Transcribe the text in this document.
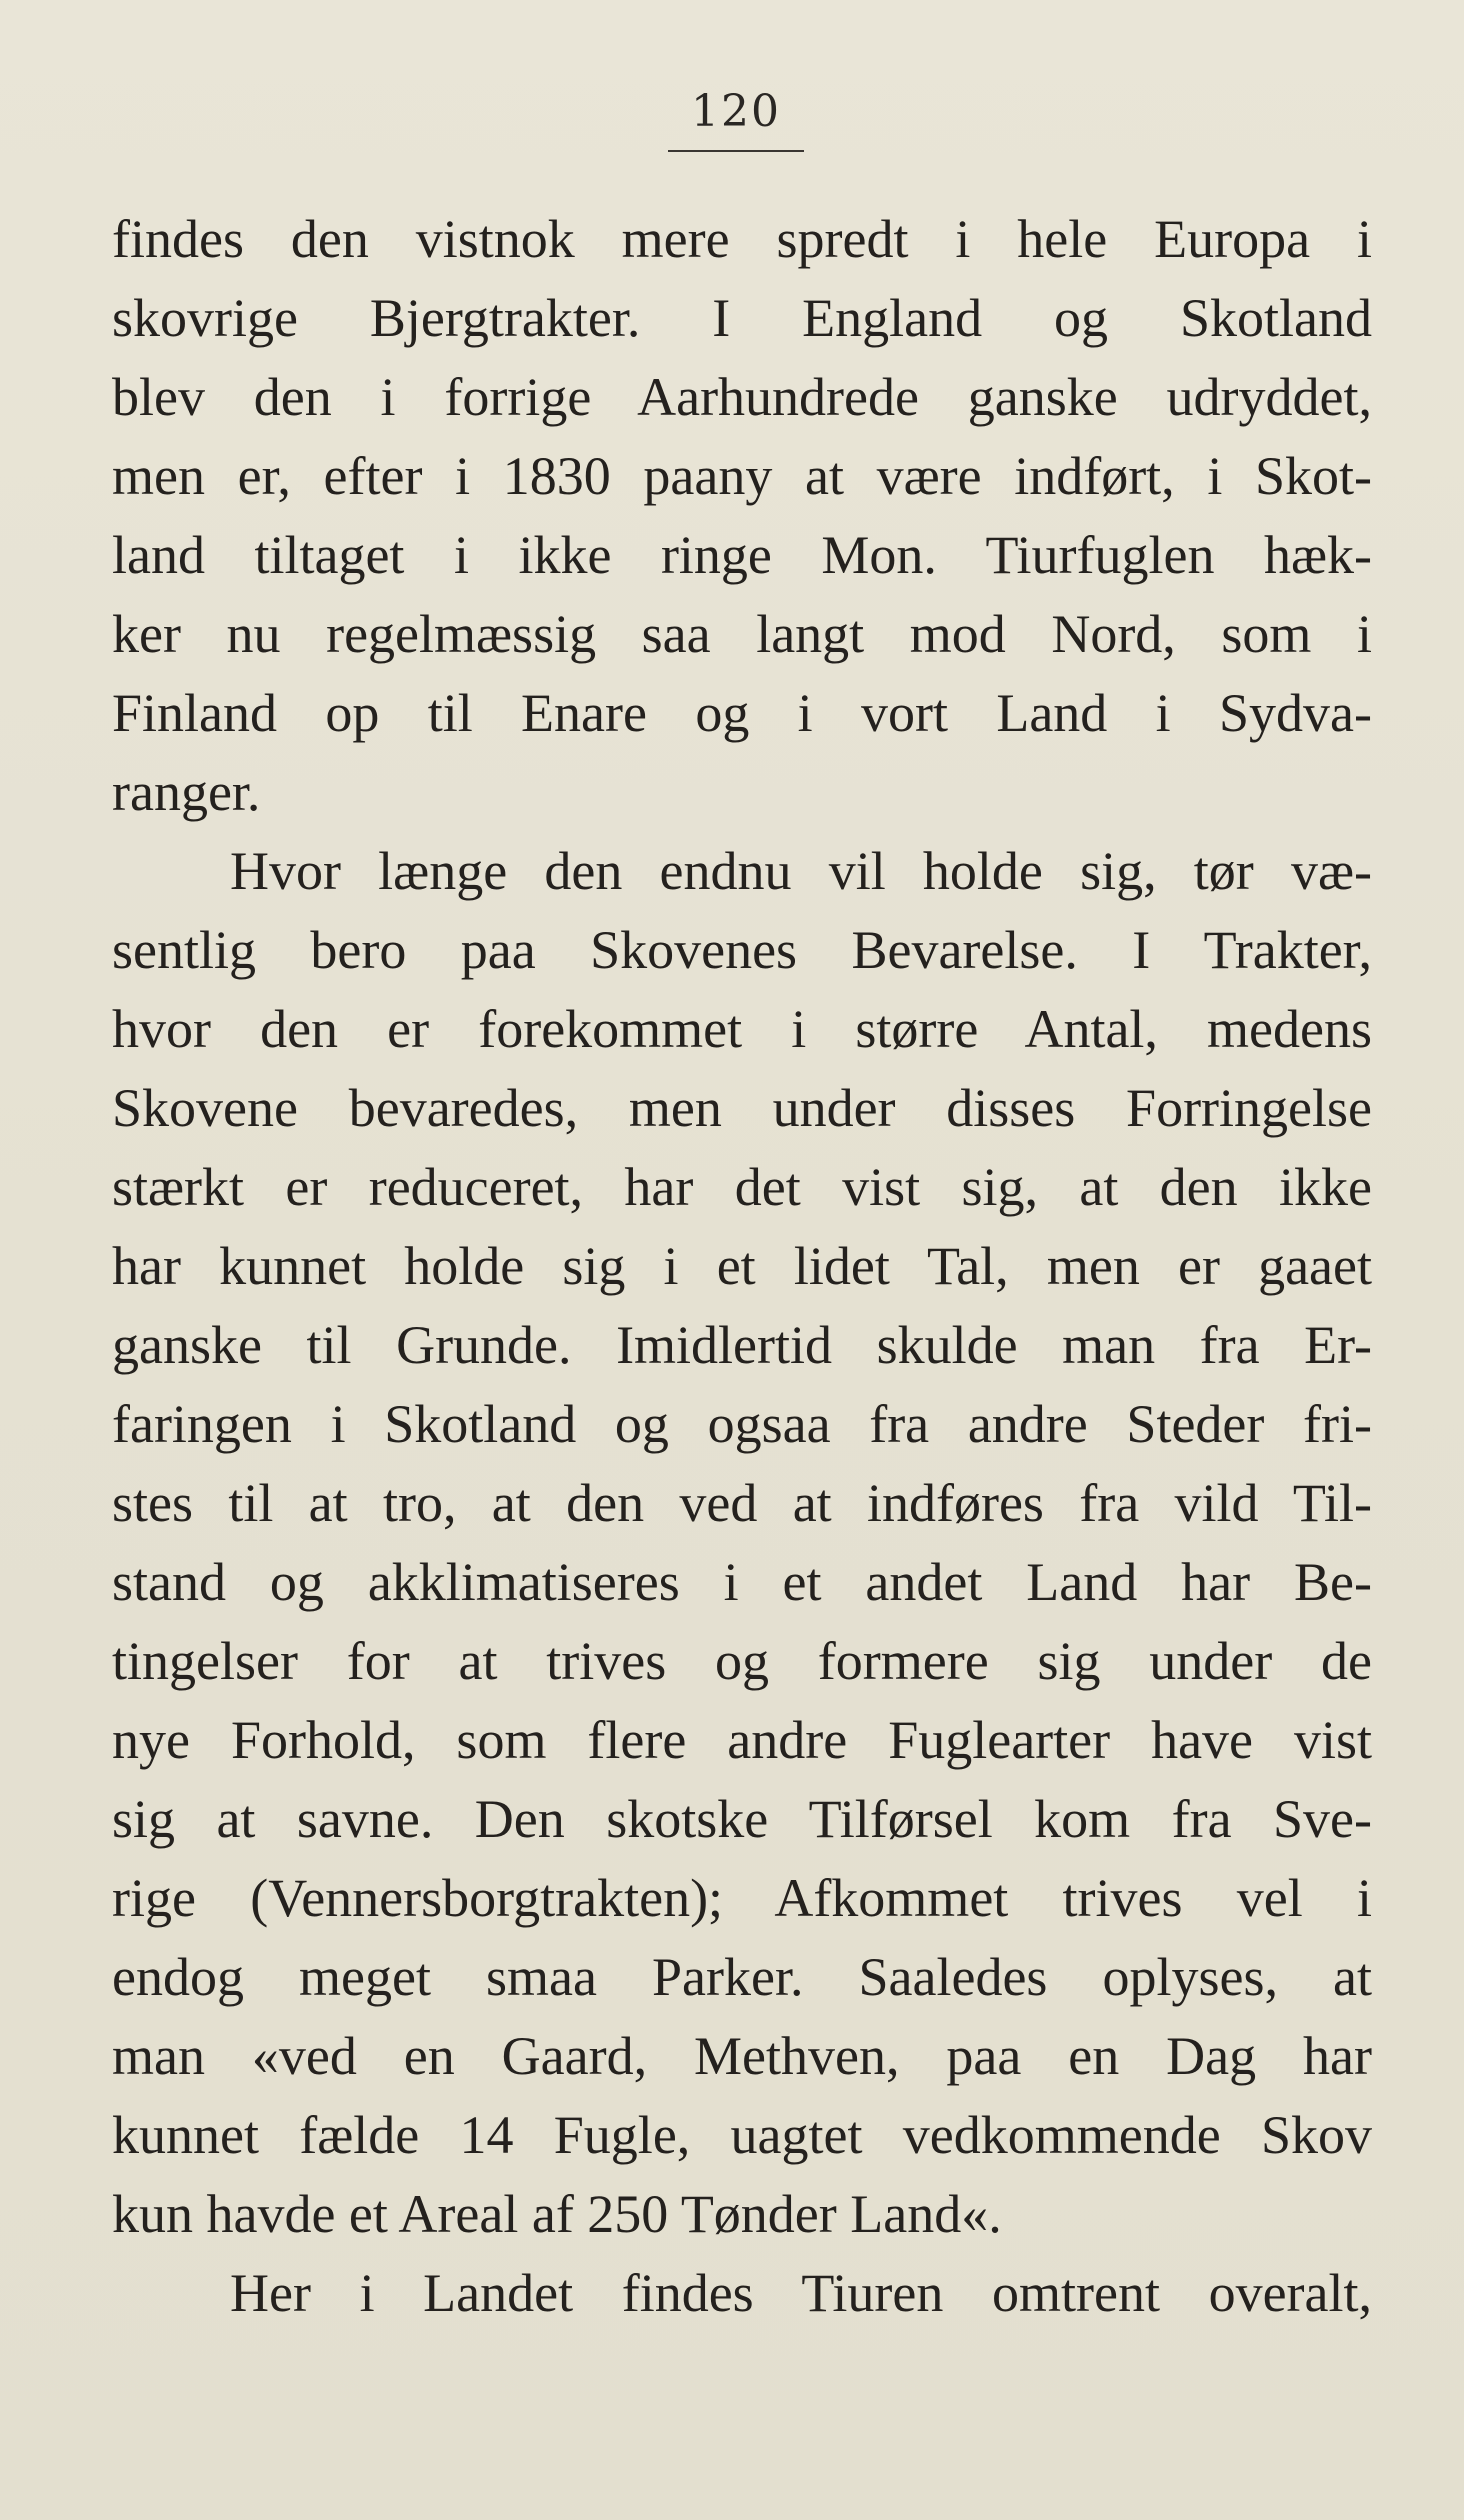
120
findes den vistnok mere spredt i hele Europa i
skovrige Bjergtrakter. I England og Skotland
blev den i forrige Aarhundrede ganske udryddet,
men er, efter i 1830 paany at være indført, i Skot-
land tiltaget i ikke ringe Mon. Tiurfuglen hæk-
ker nu regelmæssig saa langt mod Nord, som i
Finland op til Enare og i vort Land i Sydva-
ranger.
Hvor længe den endnu vil holde sig, tør væ-
sentlig bero paa Skovenes Bevarelse. I Trakter,
hvor den er forekommet i større Antal, medens
Skovene bevaredes, men under disses Forringelse
stærkt er reduceret, har det vist sig, at den ikke
har kunnet holde sig i et lidet Tal, men er gaaet
ganske til Grunde. Imidlertid skulde man fra Er-
faringen i Skotland og ogsaa fra andre Steder fri-
stes til at tro, at den ved at indføres fra vild Til-
stand og akklimatiseres i et andet Land har Be-
tingelser for at trives og formere sig under de
nye Forhold, som flere andre Fuglearter have vist
sig at savne. Den skotske Tilførsel kom fra Sve-
rige (Vennersborgtrakten); Afkommet trives vel i
endog meget smaa Parker. Saaledes oplyses, at
man «ved en Gaard, Methven, paa en Dag har
kunnet fælde 14 Fugle, uagtet vedkommende Skov
kun havde et Areal af 250 Tønder Land«.
Her i Landet findes Tiuren omtrent overalt,
